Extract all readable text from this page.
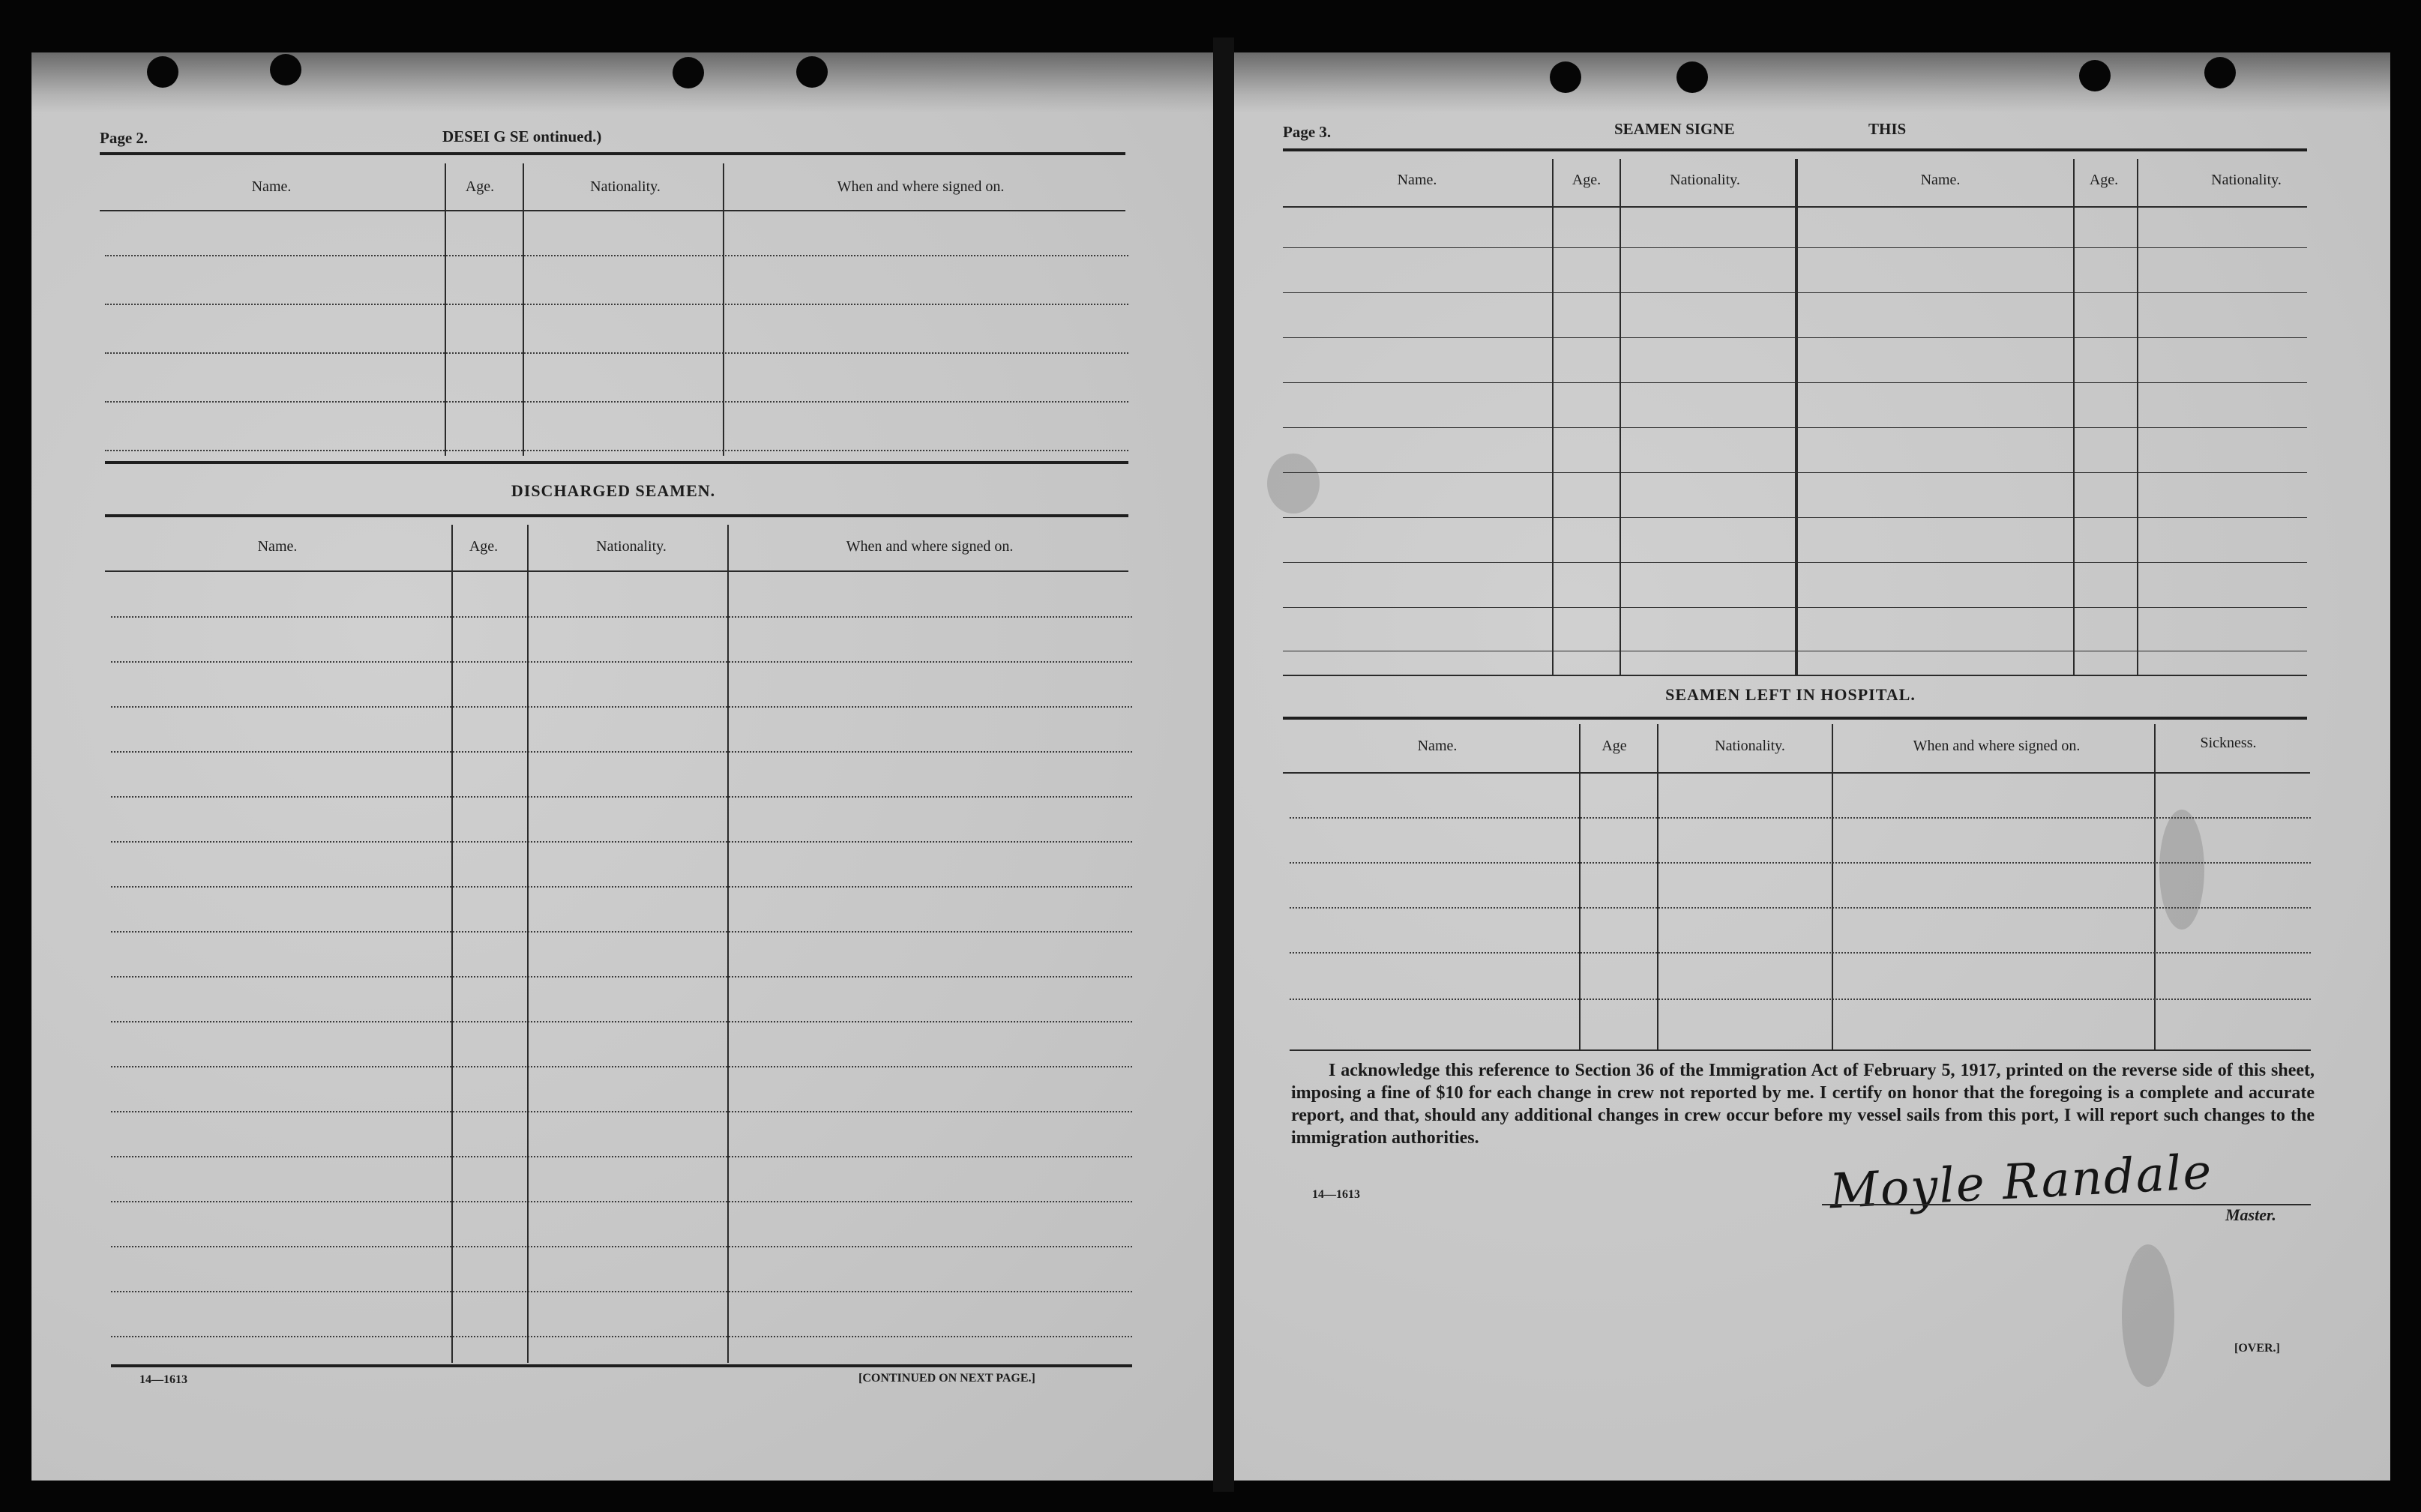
Page 2.	DESEI G SE ontinued.)
Name.	Age.	Nationality.	When and where signed on.
DISCHARGED SEAMEN.
Name.	Age.	Nationality.	When and where signed on.
14—1613	[CONTINUED ON NEXT PAGE.]
Page 3.	SEAMEN SIGNE	THIS
Name.	Age.	Nationality.	Name.	Age.	Nationality.
SEAMEN LEFT IN HOSPITAL.
Name.	Age	Nationality.	When and where signed on.	Sickness.
I acknowledge this reference to Section 36 of the Immigration Act of February 5, 1917, printed on the reverse side of this sheet, imposing a fine of $10 for each change in crew not reported by me. I certify on honor that the foregoing is a complete and accurate report, and that, should any additional changes in crew occur before my vessel sails from this port, I will report such changes to the immigration authorities.
14—1613	Moyle Randale Master.
[OVER.]
